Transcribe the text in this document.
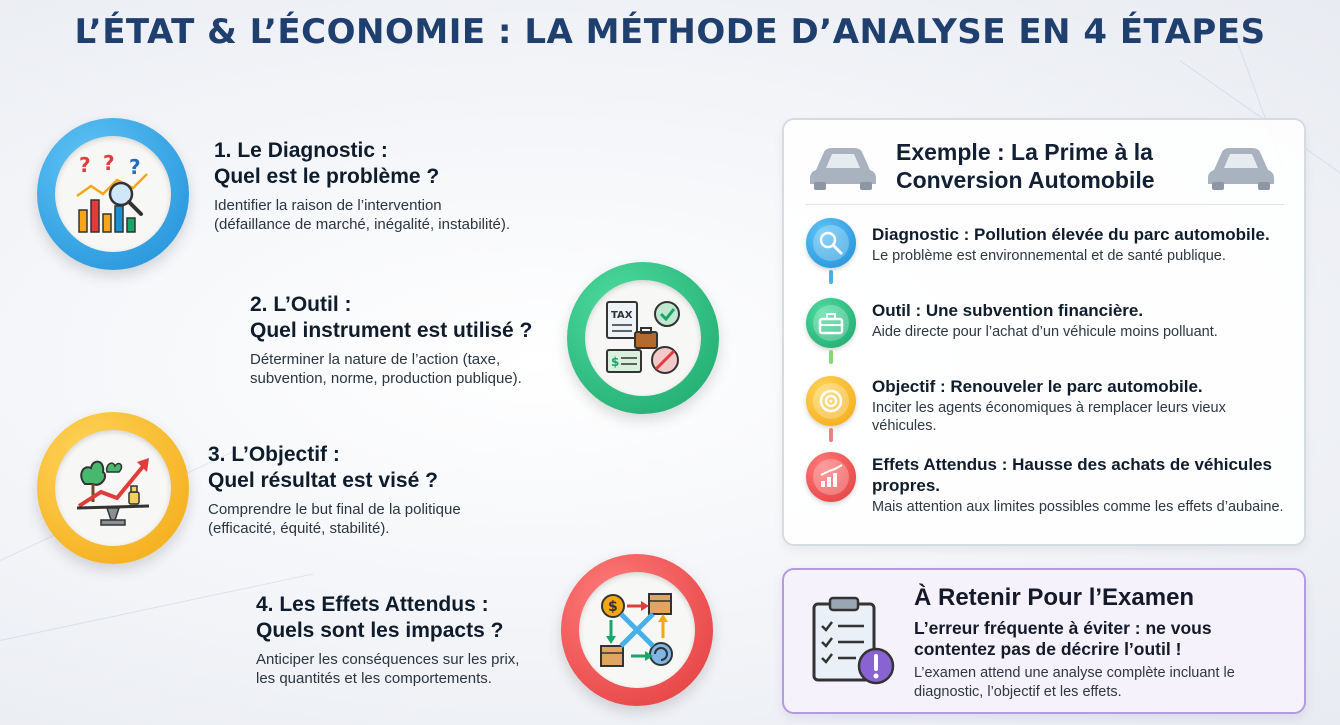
L’ÉTAT & L’ÉCONOMIE : LA MÉTHODE D’ANALYSE EN 4 ÉTAPES
? ? ?
1. Le Diagnostic :
Quel est le problème ?
Identifier la raison de l’intervention
(défaillance de marché, inégalité, instabilité).
TAX
$
2. L’Outil :
Quel instrument est utilisé ?
Déterminer la nature de l’action (taxe,
subvention, norme, production publique).
3. L’Objectif :
Quel résultat est visé ?
Comprendre le but final de la politique
(efficacité, équité, stabilité).
$
4. Les Effets Attendus :
Quels sont les impacts ?
Anticiper les conséquences sur les prix,
les quantités et les comportements.
Exemple : La Prime à la
Conversion Automobile
Diagnostic : Pollution élevée du parc automobile.
Le problème est environnemental et de santé publique.
Outil : Une subvention financière.
Aide directe pour l’achat d’un véhicule moins polluant.
Objectif : Renouveler le parc automobile.
Inciter les agents économiques à remplacer leurs vieux véhicules.
Effets Attendus : Hausse des achats de véhicules propres.
Mais attention aux limites possibles comme les effets d’aubaine.
À Retenir Pour l’Examen
L’erreur fréquente à éviter : ne vous contentez pas de décrire l’outil !
L’examen attend une analyse complète incluant le diagnostic, l’objectif et les effets.
